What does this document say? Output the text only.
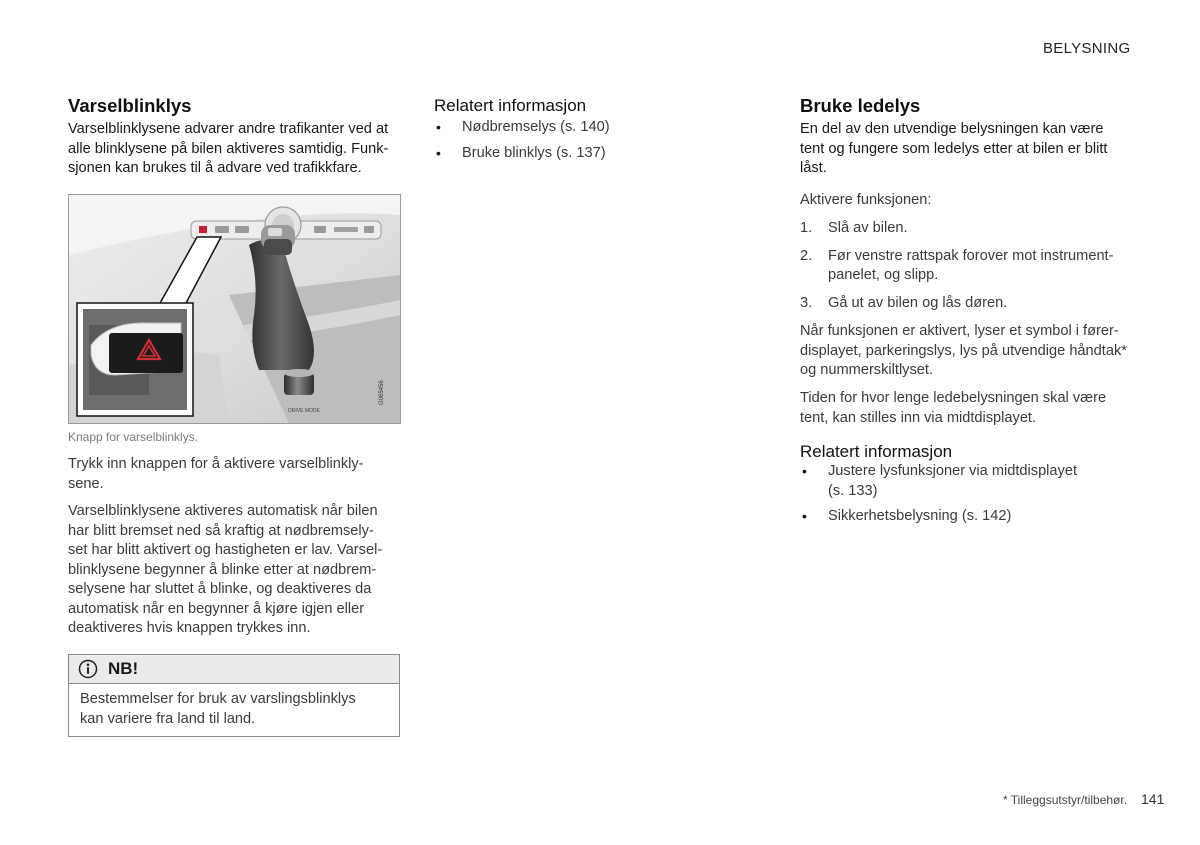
BELYSNING
Varselblinklys
Varselblinklysene advarer andre trafikanter ved at
alle blinklysene på bilen aktiveres samtidig. Funk-
sjonen kan brukes til å advare ved trafikkfare.
DRIVE MODE
G065456
Knapp for varselblinklys.
Trykk inn knappen for å aktivere varselblinkly-
sene.
Varselblinklysene aktiveres automatisk når bilen
har blitt bremset ned så kraftig at nødbremsely-
set har blitt aktivert og hastigheten er lav. Varsel-
blinklysene begynner å blinke etter at nødbrem-
selysene har sluttet å blinke, og deaktiveres da
automatisk når en begynner å kjøre igjen eller
deaktiveres hvis knappen trykkes inn.
NB!
Bestemmelser for bruk av varslingsblinklys
kan variere fra land til land.
Relatert informasjon
• Nødbremselys (s. 140)
• Bruke blinklys (s. 137)
Bruke ledelys
En del av den utvendige belysningen kan være
tent og fungere som ledelys etter at bilen er blitt
låst.
Aktivere funksjonen:
1. Slå av bilen.
2. Før venstre rattspak forover mot instrument-
panelet, og slipp.
3. Gå ut av bilen og lås døren.
Når funksjonen er aktivert, lyser et symbol i fører-
displayet, parkeringslys, lys på utvendige håndtak*
og nummerskiltlyset.
Tiden for hvor lenge ledebelysningen skal være
tent, kan stilles inn via midtdisplayet.
Relatert informasjon
• Justere lysfunksjoner via midtdisplayet
(s. 133)
• Sikkerhetsbelysning (s. 142)
* Tilleggsutstyr/tilbehør. 141
